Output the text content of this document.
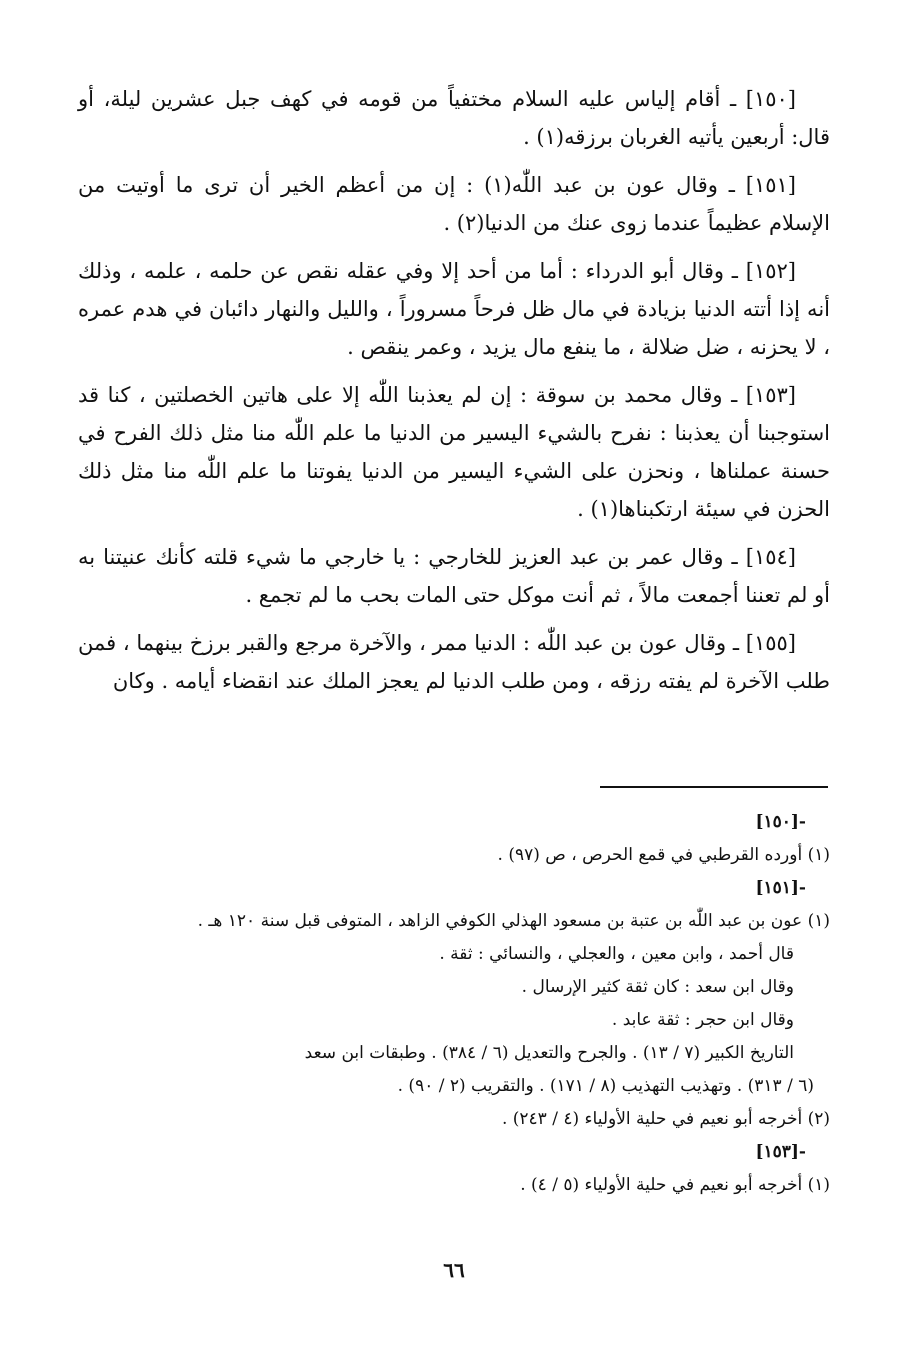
[١٥٠] ـ أقام إلياس عليه السلام مختفياً من قومه في كهف جبل عشرين ليلة، أو قال: أربعين يأتيه الغربان برزقه(١) .

[١٥١] ـ وقال عون بن عبد اللّٰه(١) : إن من أعظم الخير أن ترى ما أوتيت من الإسلام عظيماً عندما زوى عنك من الدنيا(٢) .

[١٥٢] ـ وقال أبو الدرداء : أما من أحد إلا وفي عقله نقص عن حلمه ، علمه ، وذلك أنه إذا أتته الدنيا بزيادة في مال ظل فرحاً مسروراً ، والليل والنهار دائبان في هدم عمره ، لا يحزنه ، ضل ضلالة ، ما ينفع مال يزيد ، وعمر ينقص .

[١٥٣] ـ وقال محمد بن سوقة : إن لم يعذبنا اللّٰه إلا على هاتين الخصلتين ، كنا قد استوجبنا أن يعذبنا : نفرح بالشيء اليسير من الدنيا ما علم اللّٰه منا مثل ذلك الفرح في حسنة عملناها ، ونحزن على الشيء اليسير من الدنيا يفوتنا ما علم اللّٰه منا مثل ذلك الحزن في سيئة ارتكبناها(١) .

[١٥٤] ـ وقال عمر بن عبد العزيز للخارجي : يا خارجي ما شيء قلته كأنك عنيتنا به أو لم تعننا أجمعت مالاً ، ثم أنت موكل حتى المات بحب ما لم تجمع .

[١٥٥] ـ وقال عون بن عبد اللّٰه : الدنيا ممر ، والآخرة مرجع والقبر برزخ بينهما ، فمن طلب الآخرة لم يفته رزقه ، ومن طلب الدنيا لم يعجز الملك عند انقضاء أيامه . وكان

-[١٥٠]

(١) أورده القرطبي في قمع الحرص ، ص (٩٧) .

-[١٥١]

(١) عون بن عبد اللّٰه بن عتبة بن مسعود الهذلي الكوفي الزاهد ، المتوفى قبل سنة ١٢٠ هـ .

قال أحمد ، وابن معين ، والعجلي ، والنسائي : ثقة .

وقال ابن سعد : كان ثقة كثير الإرسال .

وقال ابن حجر : ثقة عابد .

التاريخ الكبير (٧ / ١٣) . والجرح والتعديل (٦ / ٣٨٤) . وطبقات ابن سعد

(٦ / ٣١٣) . وتهذيب التهذيب (٨ / ١٧١) . والتقريب (٢ / ٩٠) .

(٢) أخرجه أبو نعيم في حلية الأولياء (٤ / ٢٤٣) .

-[١٥٣]

(١) أخرجه أبو نعيم في حلية الأولياء (٥ / ٤) .

٦٦
